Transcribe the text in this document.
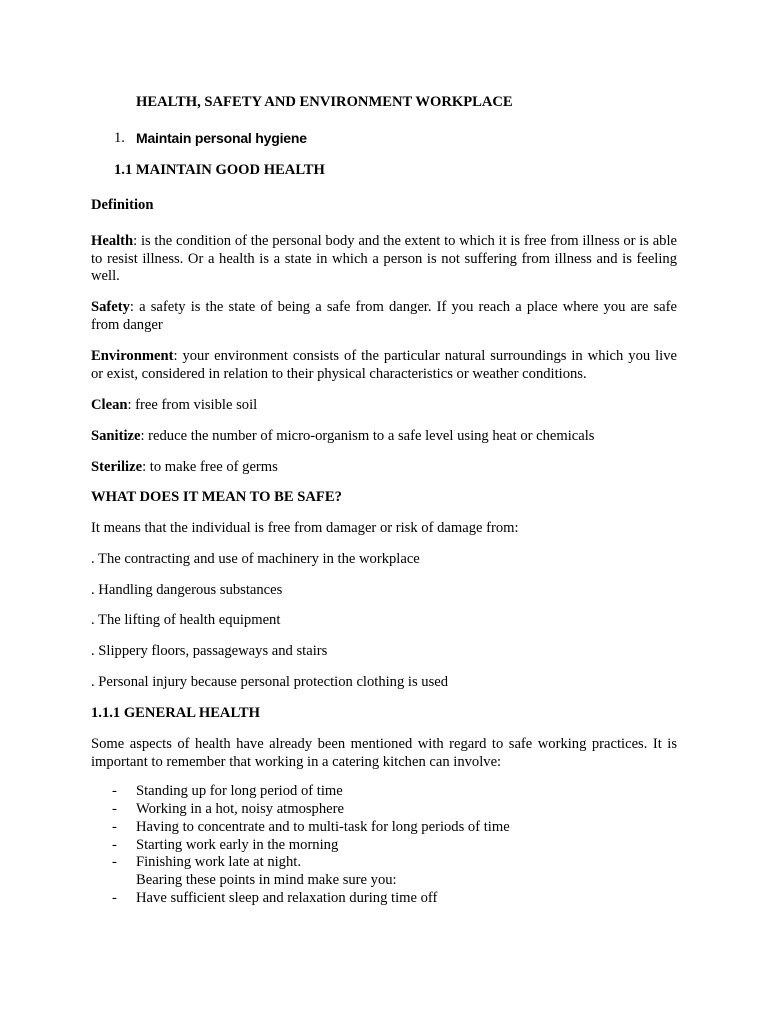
HEALTH, SAFETY AND ENVIRONMENT WORKPLACE
1. Maintain personal hygiene
1.1 MAINTAIN GOOD HEALTH
Definition
Health: is the condition of the personal body and the extent to which it is free from illness or is able to resist illness. Or a health is a state in which a person is not suffering from illness and is feeling well.
Safety: a safety is the state of being a safe from danger. If you reach a place where you are safe from danger
Environment: your environment consists of the particular natural surroundings in which you live or exist, considered in relation to their physical characteristics or weather conditions.
Clean: free from visible soil
Sanitize: reduce the number of micro-organism to a safe level using heat or chemicals
Sterilize: to make free of germs
WHAT DOES IT MEAN TO BE SAFE?
It means that the individual is free from damager or risk of damage from:
. The contracting and use of machinery in the workplace
. Handling dangerous substances
. The lifting of health equipment
. Slippery floors, passageways and stairs
. Personal injury because personal protection clothing is used
1.1.1 GENERAL HEALTH
Some aspects of health have already been mentioned with regard to safe working practices. It is important to remember that working in a catering kitchen can involve:
-	Standing up for long period of time
-	Working in a hot, noisy atmosphere
-	Having to concentrate and to multi-task for long periods of time
-	Starting work early in the morning
-	Finishing work late at night.
Bearing these points in mind make sure you:
-	Have sufficient sleep and relaxation during time off
